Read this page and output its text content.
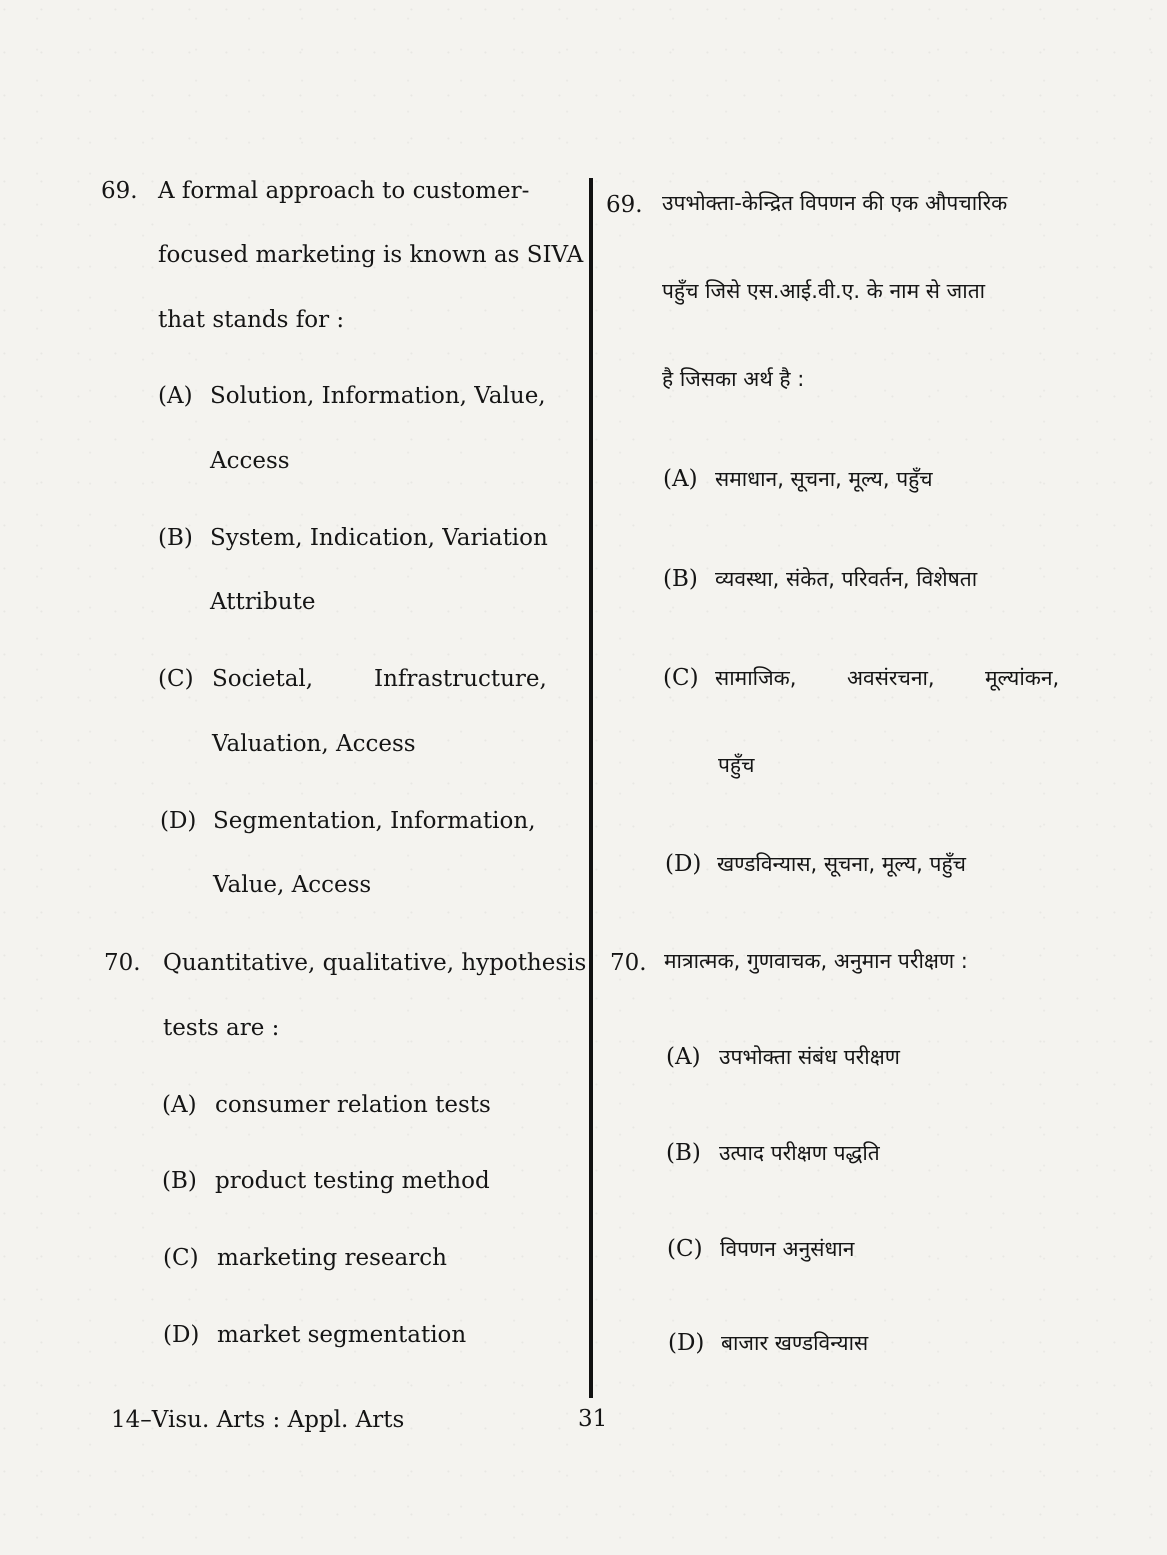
69. A formal approach to customer-
focused marketing is known as SIVA
that stands for :
(A) Solution, Information, Value,
Access
(B) System, Indication, Variation
Attribute
(C) Societal,	Infrastructure,
Valuation, Access
(D) Segmentation, Information,
Value, Access
70. Quantitative, qualitative, hypothesis
tests are :
(A) consumer relation tests
(B) product testing method
(C) marketing research
(D) market segmentation
69. उपभोक्ता-केन्द्रित विपणन की एक औपचारिक
पहुँच जिसे एस.आई.वी.ए. के नाम से जाता
है जिसका अर्थ है :
(A) समाधान, सूचना, मूल्य, पहुँच
(B) व्यवस्था, संकेत, परिवर्तन, विशेषता
(C) सामाजिक, अवसंरचना, मूल्यांकन,
पहुँच
(D) खण्डविन्यास, सूचना, मूल्य, पहुँच
70. मात्रात्मक, गुणवाचक, अनुमान परीक्षण :
(A) उपभोक्ता संबंध परीक्षण
(B) उत्पाद परीक्षण पद्धति
(C) विपणन अनुसंधान
(D) बाजार खण्डविन्यास
14–Visu. Arts : Appl. Arts	31
